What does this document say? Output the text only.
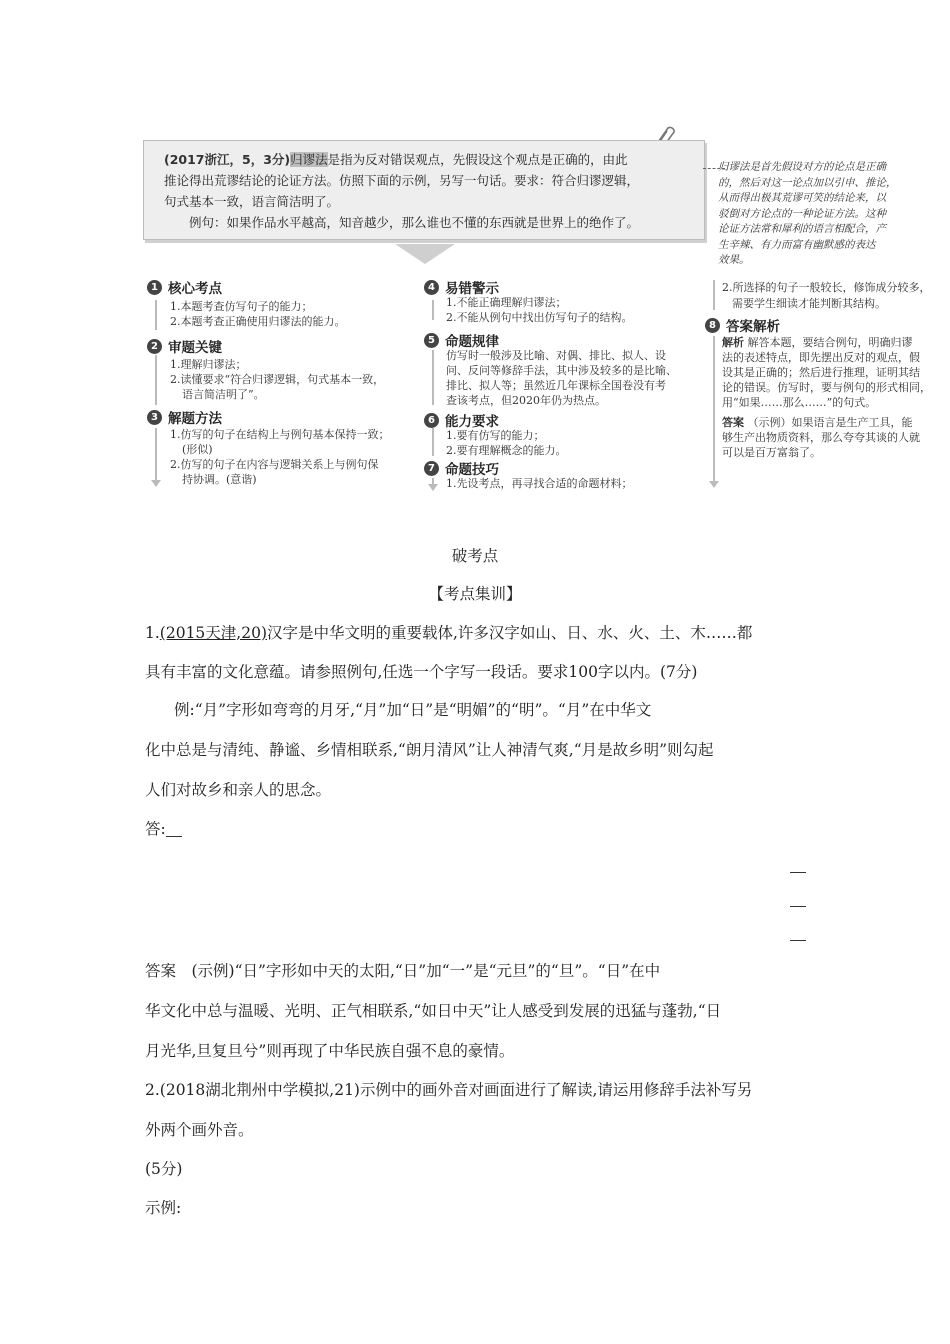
(2017浙江，5，3分)归谬法是指为反对错误观点，先假设这个观点是正确的，由此
推论得出荒谬结论的论证方法。仿照下面的示例，另写一句话。要求：符合归谬逻辑，
句式基本一致，语言简洁明了。
例句：如果作品水平越高，知音越少，那么谁也不懂的东西就是世界上的绝作了。
归谬法是首先假设对方的论点是正确
的，然后对这一论点加以引申、推论，
从而得出极其荒谬可笑的结论来，以
驳倒对方论点的一种论证方法。这种
论证方法常和犀利的语言相配合，产
生辛辣、有力而富有幽默感的表达
效果。
1 核心考点
1.本题考查仿写句子的能力；
2.本题考查正确使用归谬法的能力。
2 审题关键
1.理解归谬法；
2.读懂要求“符合归谬逻辑，句式基本一致，
语言简洁明了”。
3 解题方法
1.仿写的句子在结构上与例句基本保持一致；
(形似)
2.仿写的句子在内容与逻辑关系上与例句保
持协调。(意谐)
4 易错警示
1.不能正确理解归谬法；
2.不能从例句中找出仿写句子的结构。
5 命题规律
仿写时一般涉及比喻、对偶、排比、拟人、设
问、反问等修辞手法，其中涉及较多的是比喻、
排比、拟人等；虽然近几年课标全国卷没有考
查该考点，但2020年仍为热点。
6 能力要求
1.要有仿写的能力；
2.要有理解概念的能力。
7 命题技巧
1.先设考点，再寻找合适的命题材料；
2.所选择的句子一般较长，修饰成分较多，
需要学生细读才能判断其结构。
8 答案解析
解析 解答本题，要结合例句，明确归谬
法的表述特点，即先摆出反对的观点，假
设其是正确的；然后进行推理，证明其结
论的错误。仿写时，要与例句的形式相同，
用“如果……那么……”的句式。
答案 （示例）如果语言是生产工具，能
够生产出物质资料，那么夸夸其谈的人就
可以是百万富翁了。
破考点
【考点集训】
1.(2015天津,20)汉字是中华文明的重要载体,许多汉字如山、日、水、火、土、木……都
具有丰富的文化意蕴。请参照例句,任选一个字写一段话。要求100字以内。(7分)
例:“月”字形如弯弯的月牙,“月”加“日”是“明媚”的“明”。“月”在中华文
化中总是与清纯、静谧、乡情相联系,“朗月清风”让人神清气爽,“月是故乡明”则勾起
人们对故乡和亲人的思念。
答:
答案　(示例)“日”字形如中天的太阳,“日”加“一”是“元旦”的“旦”。“日”在中
华文化中总与温暖、光明、正气相联系,“如日中天”让人感受到发展的迅猛与蓬勃,“日
月光华,旦复旦兮”则再现了中华民族自强不息的豪情。
2.(2018湖北荆州中学模拟,21)示例中的画外音对画面进行了解读,请运用修辞手法补写另
外两个画外音。
(5分)
示例:
